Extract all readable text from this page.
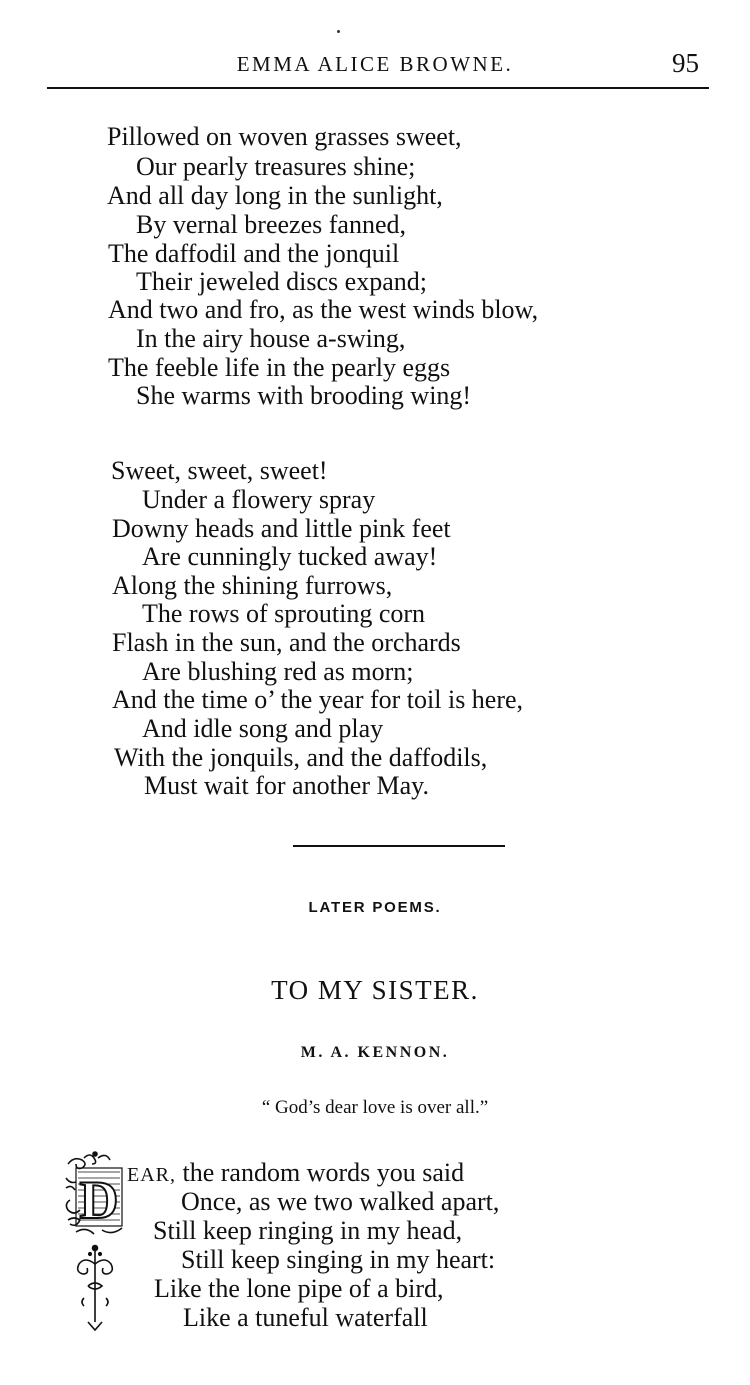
EMMA ALICE BROWNE.	95
Pillowed on woven grasses sweet,
Our pearly treasures shine;
And all day long in the sunlight,
By vernal breezes fanned,
The daffodil and the jonquil
Their jeweled discs expand;
And two and fro, as the west winds blow,
In the airy house a-swing,
The feeble life in the pearly eggs
She warms with brooding wing!
Sweet, sweet, sweet!
Under a flowery spray
Downy heads and little pink feet
Are cunningly tucked away!
Along the shining furrows,
The rows of sprouting corn
Flash in the sun, and the orchards
Are blushing red as morn;
And the time o’ the year for toil is here,
And idle song and play
With the jonquils, and the daffodils,
Must wait for another May.
LATER POEMS.
TO MY SISTER.
M. A. KENNON.
“ God’s dear love is over all.”
D EAR, the random words you said
Once, as we two walked apart,
Still keep ringing in my head,
Still keep singing in my heart:
Like the lone pipe of a bird,
Like a tuneful waterfall
